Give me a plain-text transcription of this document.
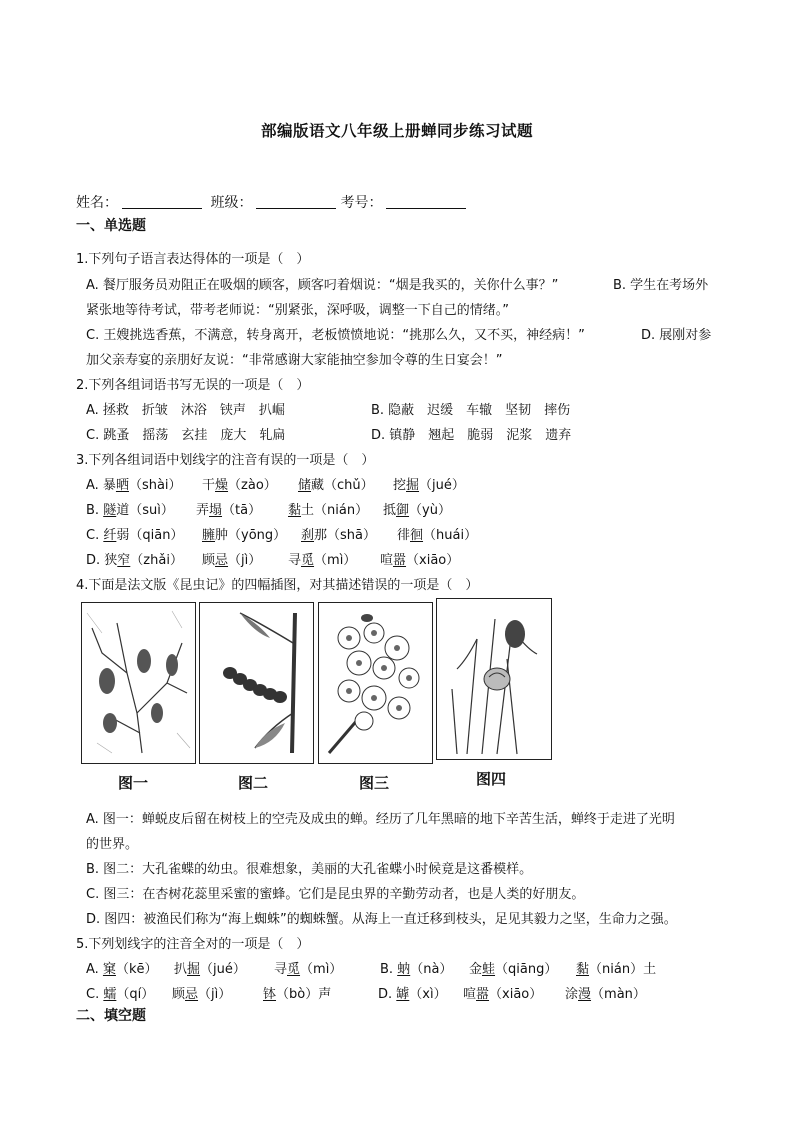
部编版语文八年级上册蝉同步练习试题
姓名：	班级：	考号：
一、单选题
1.下列句子语言表达得体的一项是（　）
A. 餐厅服务员劝阻正在吸烟的顾客，顾客叼着烟说：“烟是我买的，关你什么事？”	B. 学生在考场外
紧张地等待考试，带考老师说：“别紧张，深呼吸，调整一下自己的情绪。”
C. 王嫂挑选香蕉，不满意，转身离开，老板愤愤地说：“挑那么久，又不买，神经病！”	D. 展刚对参
加父亲寿宴的亲朋好友说：“非常感谢大家能抽空参加令尊的生日宴会！”
2.下列各组词语书写无误的一项是（　）
A. 拯救　折皱　沐浴　铗声　扒崛	B. 隐蔽　迟缓　车辙　坚韧　摔伤
C. 跳蚤　摇荡　玄挂　庞大　轧扁	D. 镇静　翘起　脆弱　泥浆　遗弃
3.下列各组词语中划线字的注音有误的一项是（　）
A. 暴晒（shài） 干燥（zào） 储藏（chǔ） 挖掘（jué）
B. 隧道（suì） 弄塌（tā） 黏土（nián） 抵御（yù）
C. 纤弱（qiān） 臃肿（yōng） 刹那（shā） 徘徊（huái）
D. 狭窄（zhǎi） 顾忌（jì） 寻觅（mì） 喧嚣（xiāo）
4.下面是法文版《昆虫记》的四幅插图，对其描述错误的一项是（　）
图一	图二	图三	图四
A. 图一：蝉蜕皮后留在树枝上的空壳及成虫的蝉。经历了几年黑暗的地下辛苦生活，蝉终于走进了光明
的世界。
B. 图二：大孔雀蝶的幼虫。很难想象，美丽的大孔雀蝶小时候竟是这番模样。
C. 图三：在杏树花蕊里采蜜的蜜蜂。它们是昆虫界的辛勤劳动者，也是人类的好朋友。
D. 图四：被渔民们称为“海上蜘蛛”的蜘蛛蟹。从海上一直迁移到枝头，足见其毅力之坚，生命力之强。
5.下列划线字的注音全对的一项是（　）
A. 窠（kē） 扒掘（jué） 寻觅（mì）	B. 蚋（nà） 金蛙（qiāng） 黏（nián）土
C. 蠕（qí） 顾忌（jì） 钵（bò）声	D. 罅（xì） 喧嚣（xiāo） 涂漫（màn）
二、填空题
